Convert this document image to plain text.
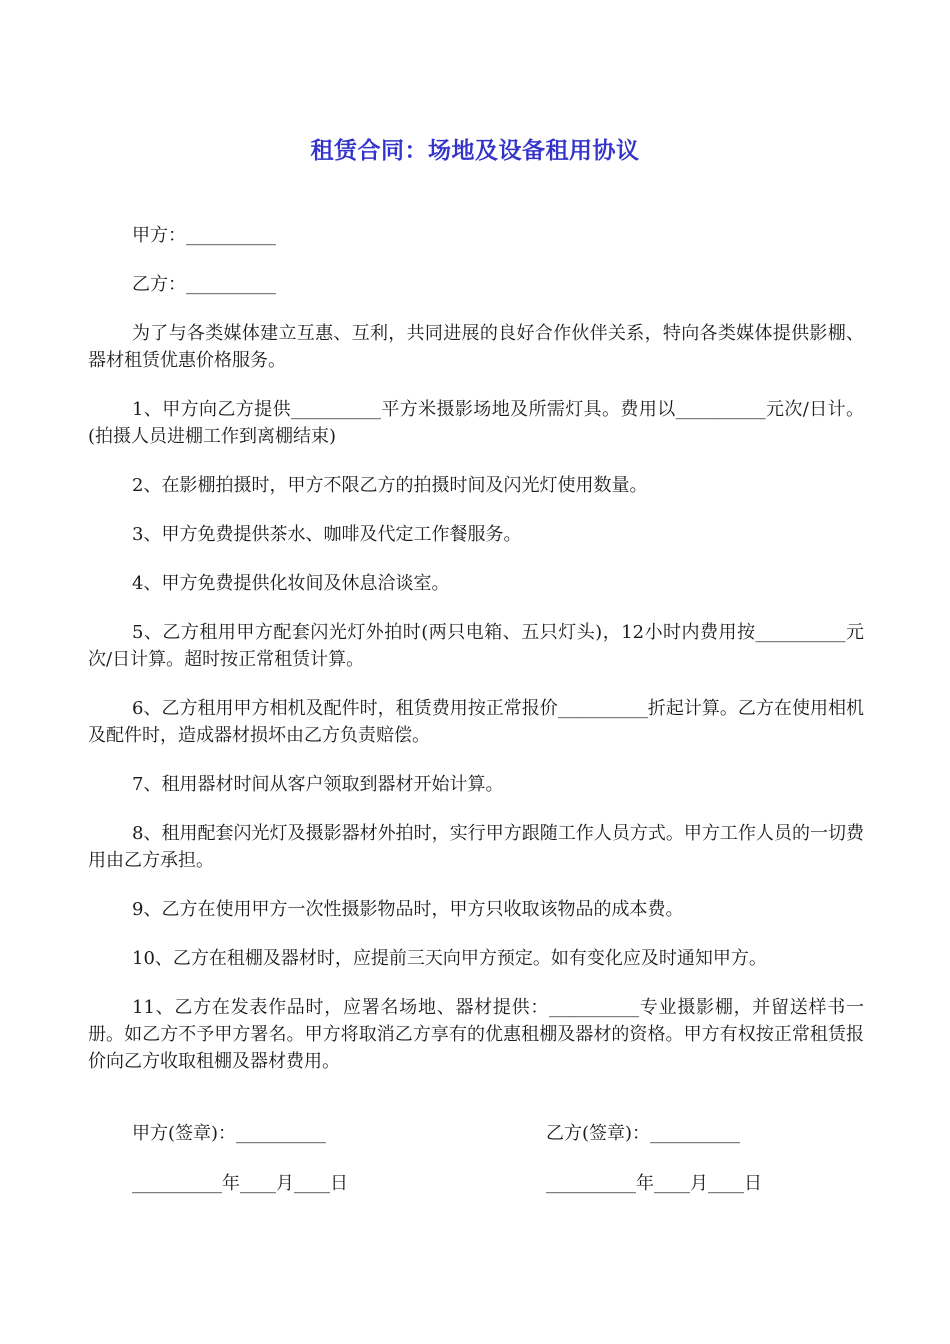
租赁合同：场地及设备租用协议

甲方：__________

乙方：__________

为了与各类媒体建立互惠、互利，共同进展的良好合作伙伴关系，特向各类媒体提供影棚、器材租赁优惠价格服务。

1、甲方向乙方提供__________平方米摄影场地及所需灯具。费用以__________元次/日计。(拍摄人员进棚工作到离棚结束)

2、在影棚拍摄时，甲方不限乙方的拍摄时间及闪光灯使用数量。

3、甲方免费提供茶水、咖啡及代定工作餐服务。

4、甲方免费提供化妆间及休息洽谈室。

5、乙方租用甲方配套闪光灯外拍时(两只电箱、五只灯头)，12小时内费用按__________元次/日计算。超时按正常租赁计算。

6、乙方租用甲方相机及配件时，租赁费用按正常报价__________折起计算。乙方在使用相机及配件时，造成器材损坏由乙方负责赔偿。

7、租用器材时间从客户领取到器材开始计算。

8、租用配套闪光灯及摄影器材外拍时，实行甲方跟随工作人员方式。甲方工作人员的一切费用由乙方承担。

9、乙方在使用甲方一次性摄影物品时，甲方只收取该物品的成本费。

10、乙方在租棚及器材时，应提前三天向甲方预定。如有变化应及时通知甲方。

11、乙方在发表作品时，应署名场地、器材提供：__________专业摄影棚，并留送样书一册。如乙方不予甲方署名。甲方将取消乙方享有的优惠租棚及器材的资格。甲方有权按正常租赁报价向乙方收取租棚及器材费用。

甲方(签章)：__________	乙方(签章)：__________
__________年____月____日	__________年____月____日
